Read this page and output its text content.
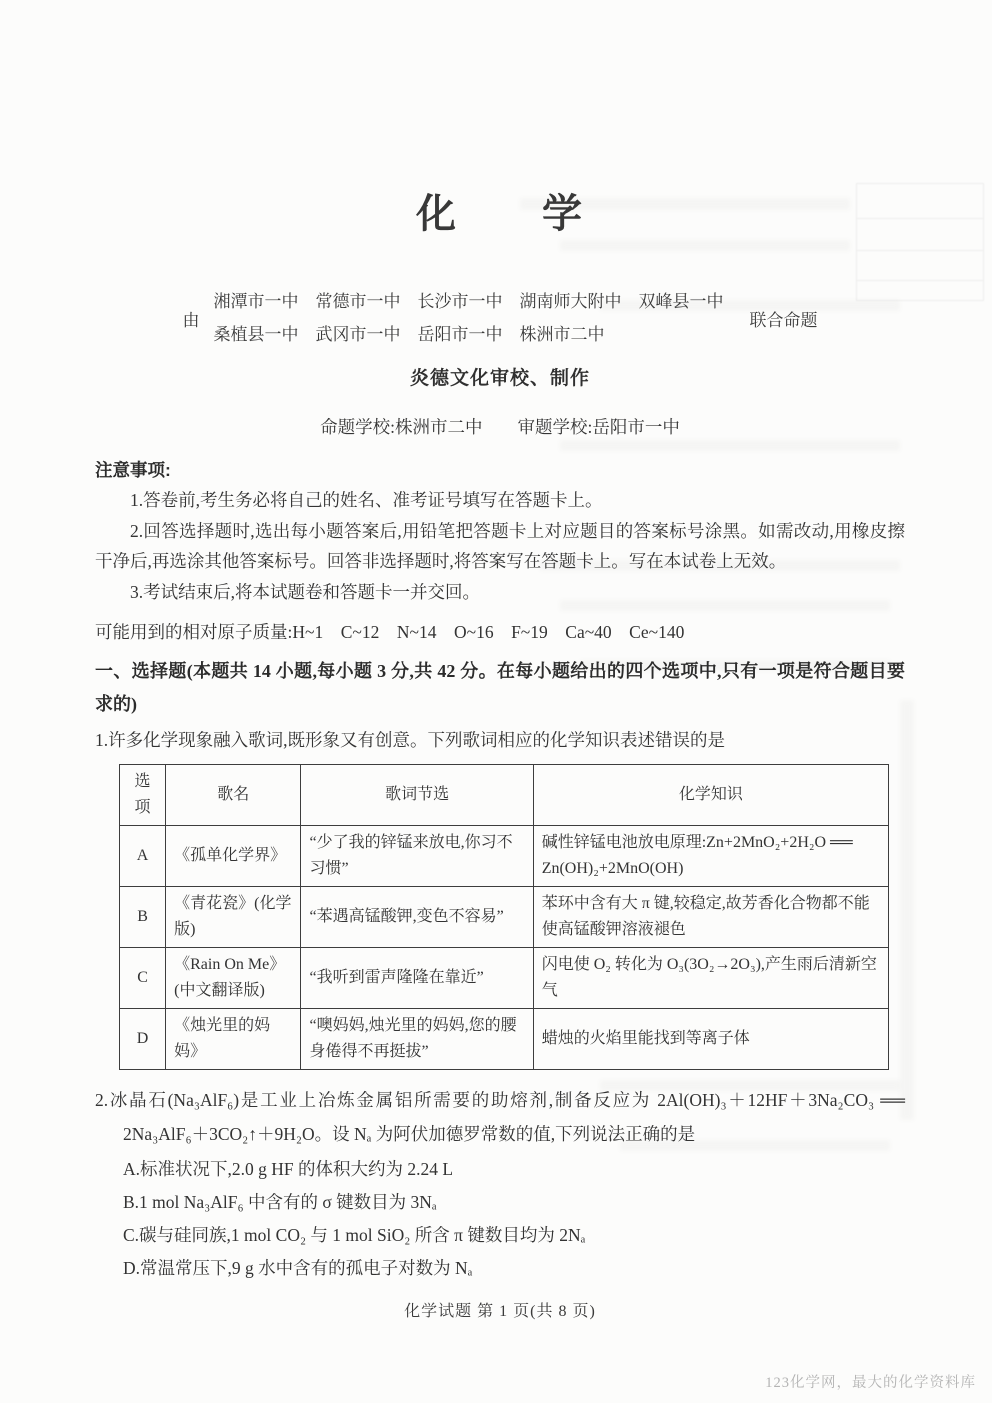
化　　学
由
湘潭市一中　常德市一中　长沙市一中　湖南师大附中　双峰县一中
桑植县一中　武冈市一中　岳阳市一中　株洲市二中
联合命题
炎德文化审校、制作
命题学校:株洲市二中　　审题学校:岳阳市一中
注意事项:

1.答卷前,考生务必将自己的姓名、准考证号填写在答题卡上。

2.回答选择题时,选出每小题答案后,用铅笔把答题卡上对应题目的答案标号涂黑。如需改动,用橡皮擦干净后,再选涂其他答案标号。回答非选择题时,将答案写在答题卡上。写在本试卷上无效。

3.考试结束后,将本试题卷和答题卡一并交回。

可能用到的相对原子质量:H~1　C~12　N~14　O~16　F~19　Ca~40　Ce~140
一、选择题(本题共 14 小题,每小题 3 分,共 42 分。在每小题给出的四个选项中,只有一项是符合题目要求的)
1.许多化学现象融入歌词,既形象又有创意。下列歌词相应的化学知识表述错误的是
选项	歌名	歌词节选	化学知识
A	《孤单化学界》	“少了我的锌锰来放电,你习不习惯”	碱性锌锰电池放电原理:Zn+2MnO₂+2H₂O ══ Zn(OH)₂+2MnO(OH)
B	《青花瓷》(化学版)	“苯遇高锰酸钾,变色不容易”	苯环中含有大 π 键,较稳定,故芳香化合物都不能使高锰酸钾溶液褪色
C	《Rain On Me》(中文翻译版)	“我听到雷声隆隆在靠近”	闪电使 O₂ 转化为 O₃(3O₂→2O₃),产生雨后清新空气
D	《烛光里的妈妈》	“噢妈妈,烛光里的妈妈,您的腰身倦得不再挺拔”	蜡烛的火焰里能找到等离子体
2.冰晶石(Na₃AlF₆)是工业上冶炼金属铝所需要的助熔剂,制备反应为 2Al(OH)₃＋12HF＋3Na₂CO₃ ══ 2Na₃AlF₆＋3CO₂↑＋9H₂O。设 Nₐ 为阿伏加德罗常数的值,下列说法正确的是
A.标准状况下,2.0 g HF 的体积大约为 2.24 L
B.1 mol Na₃AlF₆ 中含有的 σ 键数目为 3Nₐ
C.碳与硅同族,1 mol CO₂ 与 1 mol SiO₂ 所含 π 键数目均为 2Nₐ
D.常温常压下,9 g 水中含有的孤电子对数为 Nₐ
化学试题 第 1 页(共 8 页)
123化学网，最大的化学资料库
